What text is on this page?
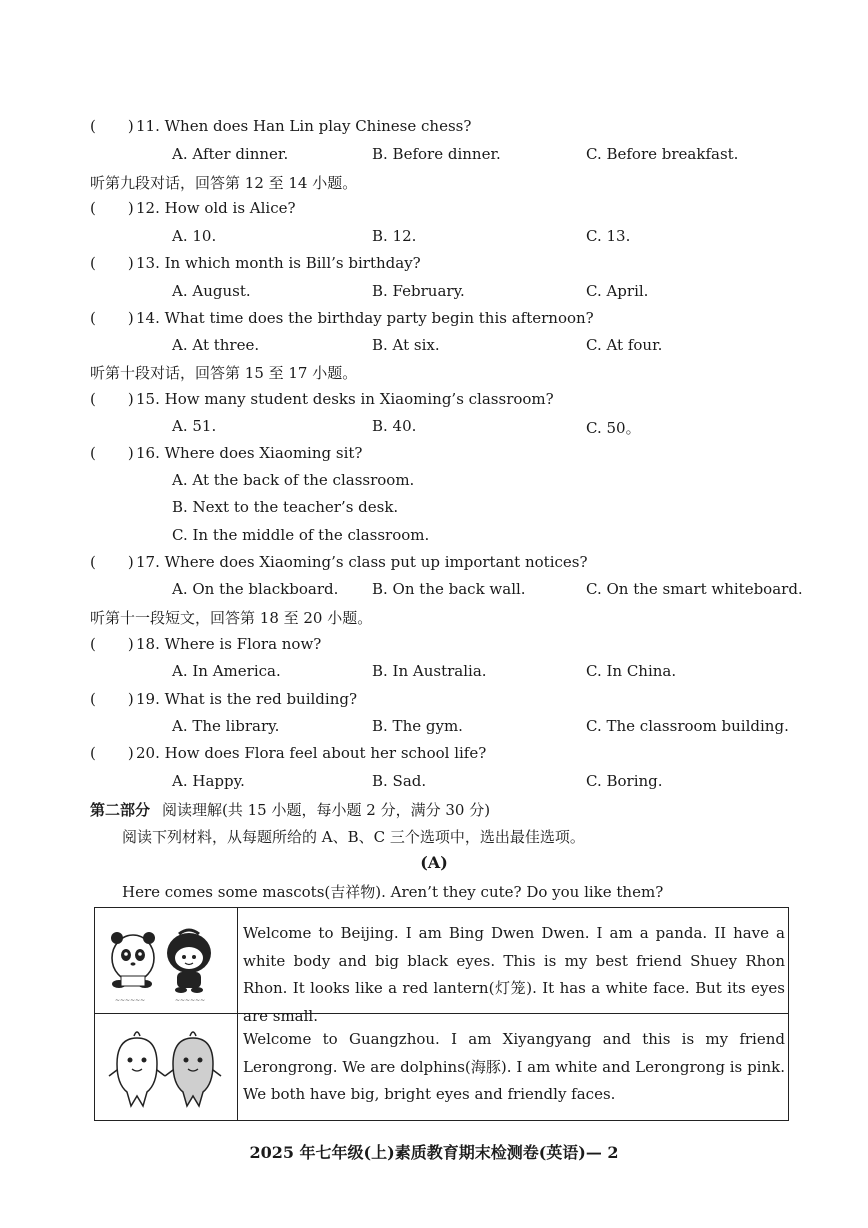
( ) 11. When does Han Lin play Chinese chess?
A. After dinner.	B. Before dinner.	C. Before breakfast.
听第九段对话，回答第 12 至 14 小题。
( ) 12. How old is Alice?
A. 10.	B. 12.	C. 13.
( ) 13. In which month is Bill’s birthday?
A. August.	B. February.	C. April.
( ) 14. What time does the birthday party begin this afternoon?
A. At three.	B. At six.	C. At four.
听第十段对话，回答第 15 至 17 小题。
( ) 15. How many student desks in Xiaoming’s classroom?
A. 51.	B. 40.	C. 50。
( ) 16. Where does Xiaoming sit?
A. At the back of the classroom.
B. Next to the teacher’s desk.
C. In the middle of the classroom.
( ) 17. Where does Xiaoming’s class put up important notices?
A. On the blackboard. B. On the back wall.	C. On the smart whiteboard.
听第十一段短文，回答第 18 至 20 小题。
( ) 18. Where is Flora now?
A. In America.	B. In Australia.	C. In China.
( ) 19. What is the red building?
A. The library.	B. The gym.	C. The classroom building.
( ) 20. How does Flora feel about her school life?
A. Happy.	B. Sad.	C. Boring.
第二部分 阅读理解(共 15 小题，每小题 2 分，满分 30 分)
阅读下列材料，从每题所给的 A、B、C 三个选项中，选出最佳选项。
(A)
Here comes some mascots(吉祥物). Aren’t they cute? Do you like them?
~~~~~~	~~~~~~
Welcome to Beijing. I am Bing Dwen Dwen. I am a panda. II have a white body and big black eyes. This is my best friend Shuey Rhon Rhon. It looks like a red lantern(灯笼). It has a white face. But its eyes are small.
Welcome to Guangzhou. I am Xiyangyang and this is my friend Lerongrong. We are dolphins(海豚). I am white and Lerongrong is pink. We both have big, bright eyes and friendly faces.
2025 年七年级(上)素质教育期末检测卷(英语)— 2
